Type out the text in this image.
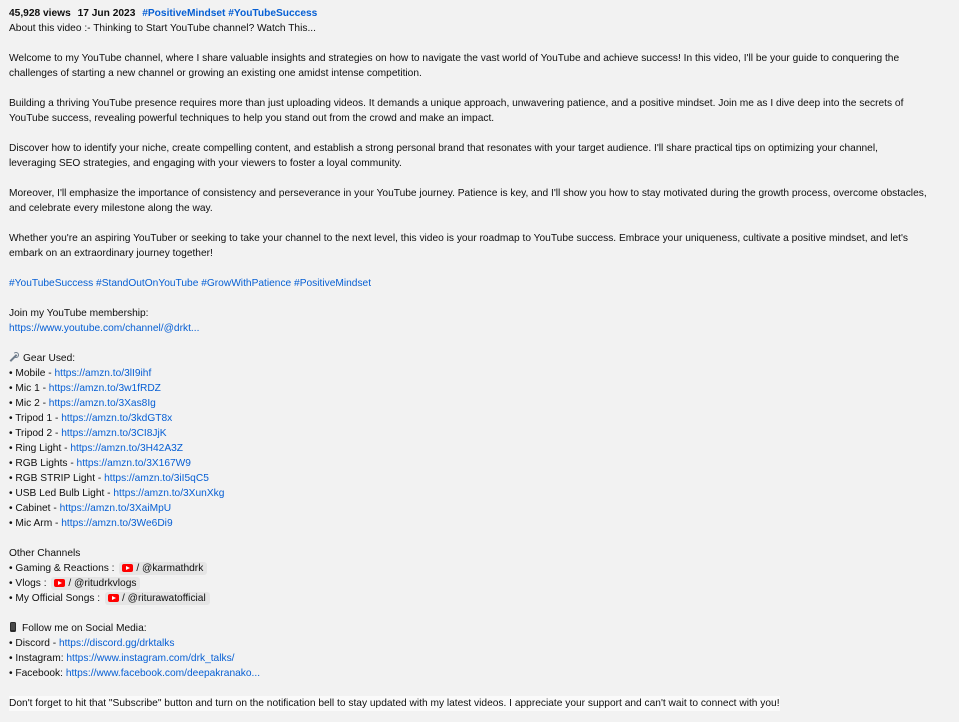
45,928 views 17 Jun 2023 #PositiveMindset #YouTubeSuccess
About this video :- Thinking to Start YouTube channel? Watch This...
Welcome to my YouTube channel, where I share valuable insights and strategies on how to navigate the vast world of YouTube and achieve success! In this video, I'll be your guide to conquering the
challenges of starting a new channel or growing an existing one amidst intense competition.
Building a thriving YouTube presence requires more than just uploading videos. It demands a unique approach, unwavering patience, and a positive mindset. Join me as I dive deep into the secrets of
YouTube success, revealing powerful techniques to help you stand out from the crowd and make an impact.
Discover how to identify your niche, create compelling content, and establish a strong personal brand that resonates with your target audience. I'll share practical tips on optimizing your channel,
leveraging SEO strategies, and engaging with your viewers to foster a loyal community.
Moreover, I'll emphasize the importance of consistency and perseverance in your YouTube journey. Patience is key, and I'll show you how to stay motivated during the growth process, overcome obstacles,
and celebrate every milestone along the way.
Whether you're an aspiring YouTuber or seeking to take your channel to the next level, this video is your roadmap to YouTube success. Embrace your uniqueness, cultivate a positive mindset, and let's
embark on an extraordinary journey together!
#YouTubeSuccess #StandOutOnYouTube #GrowWithPatience #PositiveMindset
Join my YouTube membership:
https://www.youtube.com/channel/@drkt...
Gear Used:
• Mobile - https://amzn.to/3lI9ihf
• Mic 1 - https://amzn.to/3w1fRDZ
• Mic 2 - https://amzn.to/3Xas8Ig
• Tripod 1 - https://amzn.to/3kdGT8x
• Tripod 2 - https://amzn.to/3CI8JjK
• Ring Light - https://amzn.to/3H42A3Z
• RGB Lights - https://amzn.to/3X167W9
• RGB STRIP Light - https://amzn.to/3iI5qC5
• USB Led Bulb Light - https://amzn.to/3XunXkg
• Cabinet - https://amzn.to/3XaiMpU
• Mic Arm - https://amzn.to/3We6Di9
Other Channels
• Gaming & Reactions : / @karmathdrk
• Vlogs : / @ritudrkvlogs
• My Official Songs : / @riturawatofficial
Follow me on Social Media:
• Discord - https://discord.gg/drktalks
• Instagram: https://www.instagram.com/drk_talks/
• Facebook: https://www.facebook.com/deepakranako...
Don't forget to hit that "Subscribe" button and turn on the notification bell to stay updated with my latest videos. I appreciate your support and can't wait to connect with you!
